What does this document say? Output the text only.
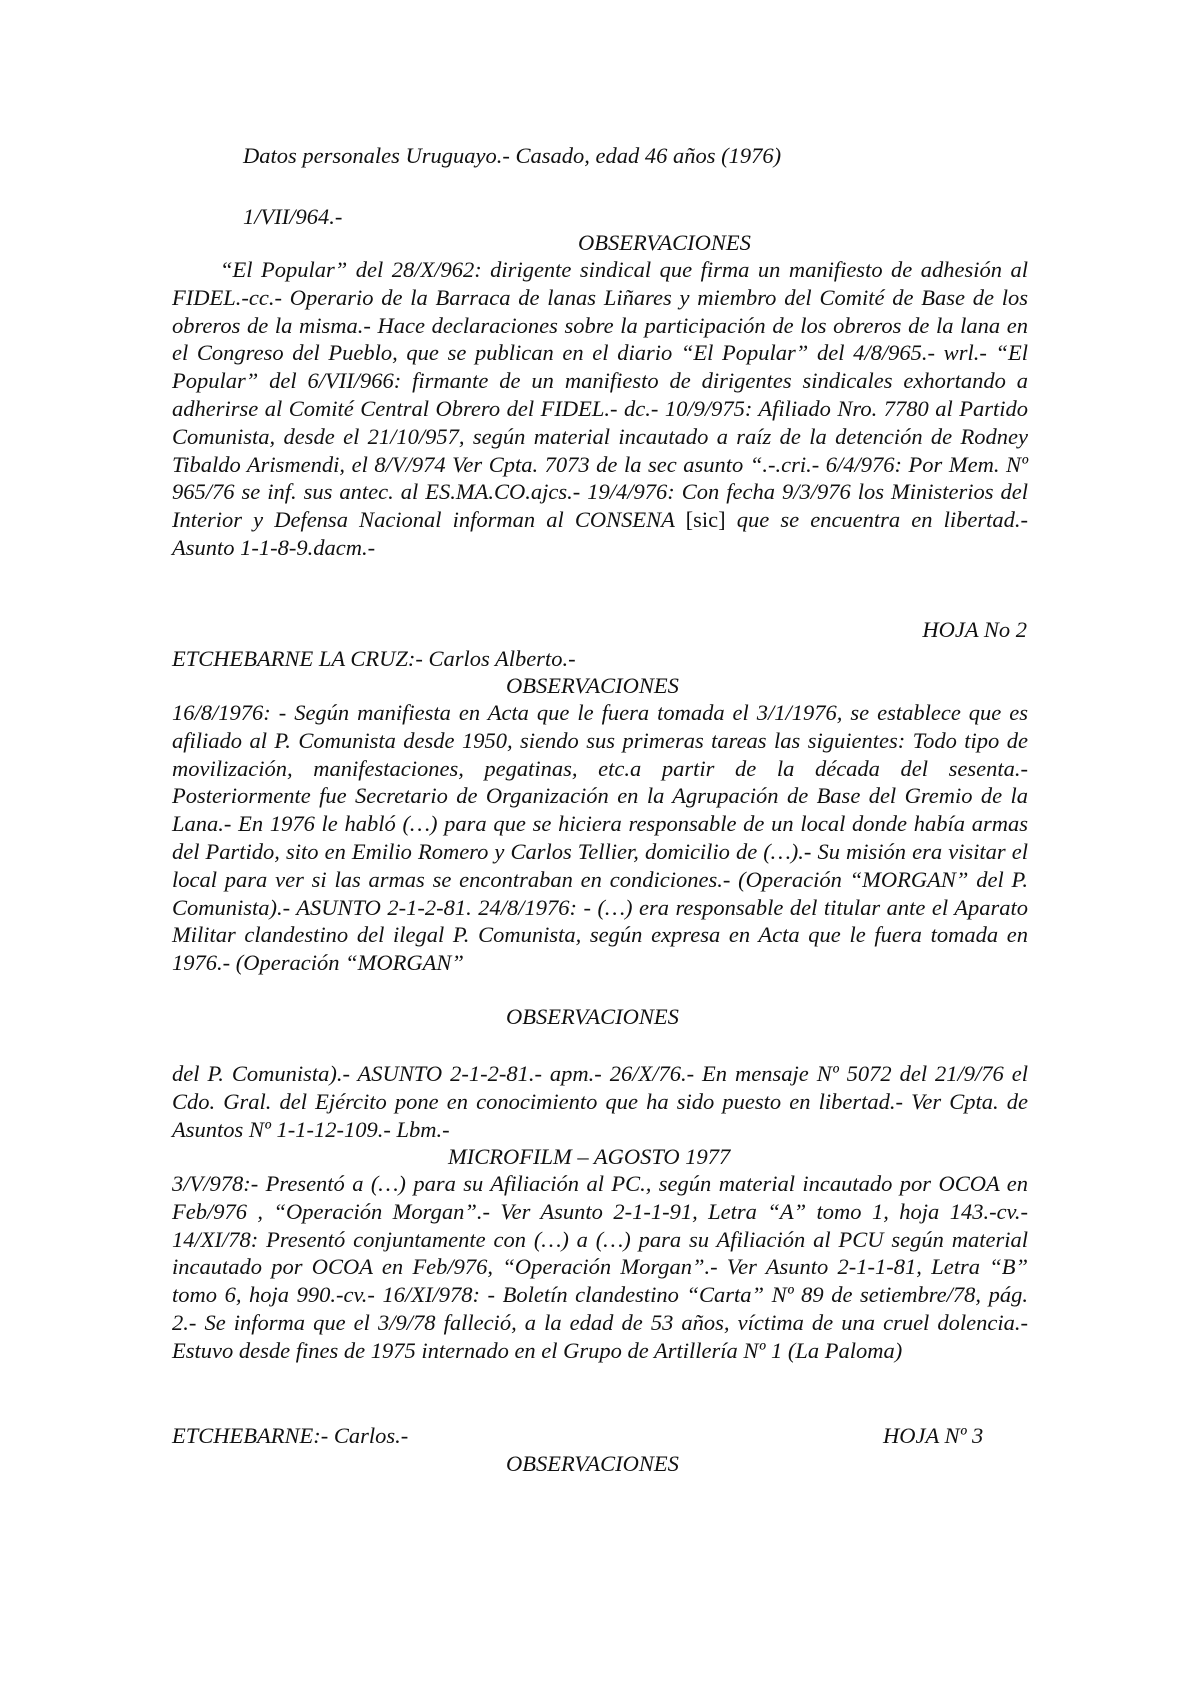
Datos personales Uruguayo.- Casado, edad 46 años (1976)
1/VII/964.-
OBSERVACIONES
“El Popular” del 28/X/962: dirigente sindical que firma un manifiesto de adhesión al FIDEL.-cc.- Operario de la Barraca de lanas Liñares y miembro del Comité de Base de los obreros de la misma.- Hace declaraciones sobre la participación de los obreros de la lana en el Congreso del Pueblo, que se publican en el diario “El Popular” del 4/8/965.- wrl.- “El Popular” del 6/VII/966: firmante de un manifiesto de dirigentes sindicales exhortando a adherirse al Comité Central Obrero del FIDEL.- dc.- 10/9/975: Afiliado Nro. 7780 al Partido Comunista, desde el 21/10/957, según material incautado a raíz de la detención de Rodney Tibaldo Arismendi, el 8/V/974 Ver Cpta. 7073 de la sec asunto “.-.cri.- 6/4/976: Por Mem. Nº 965/76 se inf. sus antec. al ES.MA.CO.ajcs.- 19/4/976: Con fecha 9/3/976 los Ministerios del Interior y Defensa Nacional informan al CONSENA [sic] que se encuentra en libertad.- Asunto 1-1-8-9.dacm.-
HOJA No 2
ETCHEBARNE LA CRUZ:- Carlos Alberto.-
OBSERVACIONES
16/8/1976: - Según manifiesta en Acta que le fuera tomada el 3/1/1976, se establece que es afiliado al P. Comunista desde 1950, siendo sus primeras tareas las siguientes: Todo tipo de movilización, manifestaciones, pegatinas, etc.a partir de la década del sesenta.- Posteriormente fue Secretario de Organización en la Agrupación de Base del Gremio de la Lana.- En 1976 le habló (…) para que se hiciera responsable de un local donde había armas del Partido, sito en Emilio Romero y Carlos Tellier, domicilio de (…).- Su misión era visitar el local para ver si las armas se encontraban en condiciones.- (Operación “MORGAN” del P. Comunista).- ASUNTO 2-1-2-81. 24/8/1976: - (…) era responsable del titular ante el Aparato Militar clandestino del ilegal P. Comunista, según expresa en Acta que le fuera tomada en 1976.- (Operación “MORGAN”
OBSERVACIONES
del P. Comunista).- ASUNTO 2-1-2-81.- apm.- 26/X/76.- En mensaje Nº 5072 del 21/9/76 el Cdo. Gral. del Ejército pone en conocimiento que ha sido puesto en libertad.- Ver Cpta. de Asuntos Nº 1-1-12-109.- Lbm.-
MICROFILM – AGOSTO 1977
3/V/978:- Presentó a (…) para su Afiliación al PC., según material incautado por OCOA en Feb/976 , “Operación Morgan”.- Ver Asunto 2-1-1-91, Letra “A” tomo 1, hoja 143.-cv.- 14/XI/78: Presentó conjuntamente con (…) a (…) para su Afiliación al PCU según material incautado por OCOA en Feb/976, “Operación Morgan”.- Ver Asunto 2-1-1-81, Letra “B” tomo 6, hoja 990.-cv.- 16/XI/978: - Boletín clandestino “Carta” Nº 89 de setiembre/78, pág. 2.- Se informa que el 3/9/78 falleció, a la edad de 53 años, víctima de una cruel dolencia.- Estuvo desde fines de 1975 internado en el Grupo de Artillería Nº 1 (La Paloma)
ETCHEBARNE:- Carlos.-	HOJA Nº 3
OBSERVACIONES
